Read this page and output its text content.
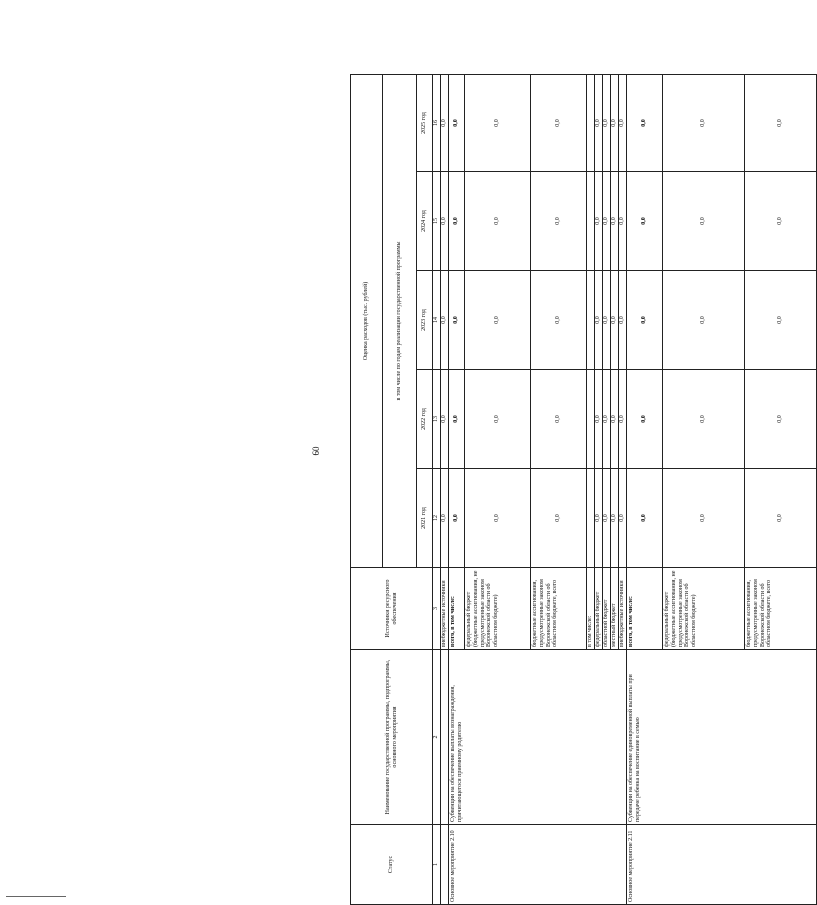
60
Статус	Наименование государственной программы, подпрограммы, основного мероприятия	Источники ресурсного обеспечения	Оценка расходов (тыс. рублей)				
			в том числе по годам реализации государственной программы				
			2021 год	2022 год	2023 год	2024 год	2025 год
1	2	3	12	13	14	15	16
		внебюджетные источники	0,0	0,0	0,0	0,0	0,0
Основное мероприятие 2.10	Субвенции на обеспечение выплаты вознаграждения, причитающегося приемному родителю	всего, в том числе:	0,0	0,0	0,0	0,0	0,0
		федеральный бюджет (бюджетные ассигнования, не предусмотренные законом Воронежской области об областном бюджете)	0,0	0,0	0,0	0,0	0,0
		бюджетные ассигнования, предусмотренные законом Воронежской области об областном бюджете, всего	0,0	0,0	0,0	0,0	0,0
		в том числе:					
		федеральный бюджет	0,0	0,0	0,0	0,0	0,0
		областной бюджет	0,0	0,0	0,0	0,0	0,0
		местный бюджет	0,0	0,0	0,0	0,0	0,0
		внебюджетные источники	0,0	0,0	0,0	0,0	0,0
Основное мероприятие 2.11	Субвенции на обеспечение единовременной выплаты при передаче ребенка на воспитание в семью	всего, в том числе:	0,0	0,0	0,0	0,0	0,0
		федеральный бюджет (бюджетные ассигнования, не предусмотренные законом Воронежской области об областном бюджете)	0,0	0,0	0,0	0,0	0,0
		бюджетные ассигнования, предусмотренные законом Воронежской области об областном бюджете, всего	0,0	0,0	0,0	0,0	0,0
